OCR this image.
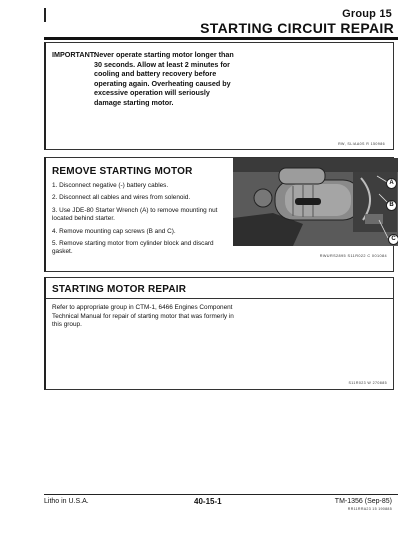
Group 15
STARTING CIRCUIT REPAIR
IMPORTANT:
Never operate starting motor longer than 30 seconds. Allow at least 2 minutes for cooling and battery recovery before operating again. Overheating caused by excessive operation will seriously damage starting motor.
RW, SLIAA0S R 150986
REMOVE STARTING MOTOR
1. Disconnect negative (-) battery cables.
2. Disconnect all cables and wires from solenoid.
3. Use JDE-80 Starter Wrench (A) to remove mounting nut located behind starter.
4. Remove mounting cap screws (B and C).
5. Remove starting motor from cylinder block and discard gasket.
A
B
C
RWURS2895 S11R022 C 001084
STARTING MOTOR REPAIR
Refer to appropriate group in CTM-1, 6466 Engines Component Technical Manual for repair of starting motor that was formerly in this group.
S11R023 W 270885
Litho in U.S.A.	40-15-1	TM-1356 (Sep-85)
RR11RRA23 15 190885
